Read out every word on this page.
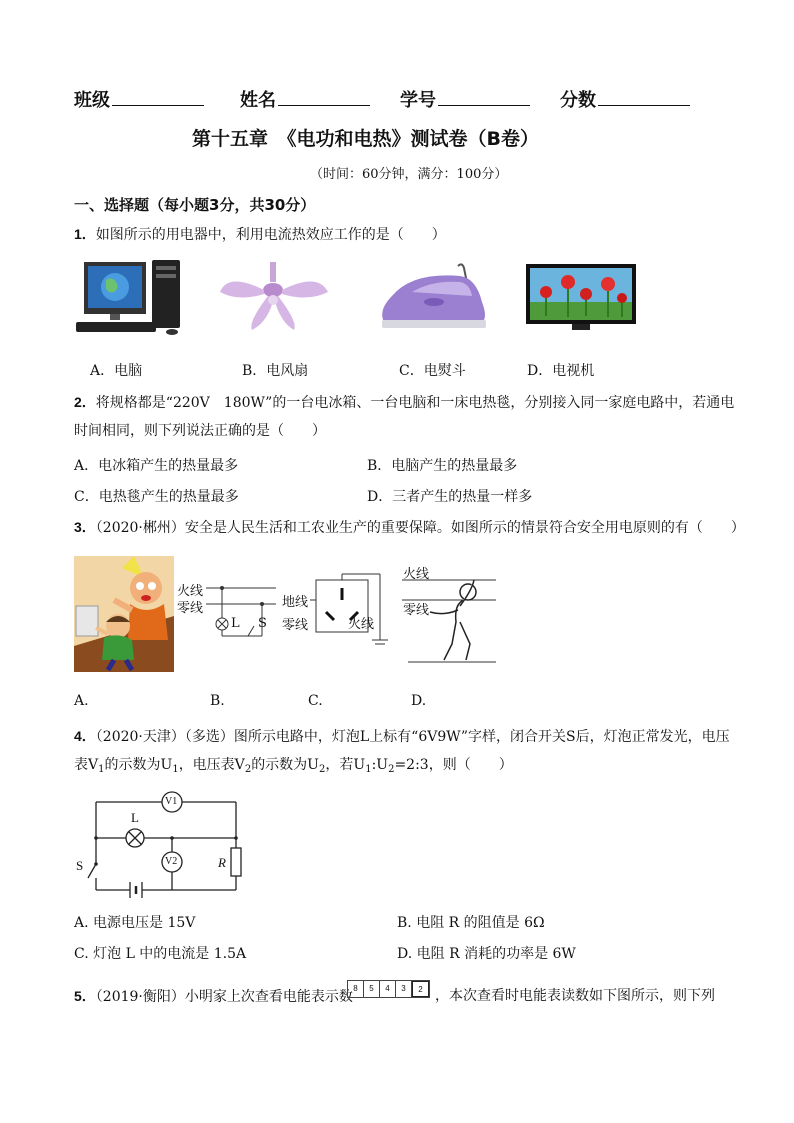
班级	姓名	学号	分数
第十五章　《电功和电热》测试卷（B卷）
（时间：60分钟，满分：100分）
一、选择题（每小题3分，共30分）
1．如图所示的用电器中，利用电流热效应工作的是（　　）
A．电脑	B．电风扇	C．电熨斗	D．电视机
2．将规格都是“220V　180W”的一台电冰箱、一台电脑和一床电热毯，分别接入同一家庭电路中，若通电
时间相同，则下列说法正确的是（　　）
A．电冰箱产生的热量最多	B．电脑产生的热量最多
C．电热毯产生的热量最多	D．三者产生的热量一样多
3．（2020·郴州）安全是人民生活和工农业生产的重要保障。如图所示的情景符合安全用电原则的有（　　）
火线
零线
L S
地线
零线	火线
火线
零线
A.	B.	C.	D.
4．（2020·天津）（多选）图所示电路中，灯泡L上标有“6V9W”字样，闭合开关S后，灯泡正常发光，电压
表$V_1$的示数为$U_1$，电压表$V_2$的示数为$U_2$，若$U_1:U_2=2:3$，则（　　）
V1
V2
L
S	R
A. 电源电压是 15V	B. 电阻 R 的阻值是 6Ω
C. 灯泡 L 中的电流是 1.5A	D. 电阻 R 消耗的功率是 6W
5．（2019·衡阳）小明家上次查看电能表示数
8	5	4	3	2 ，本次查看时电能表读数如下图所示，则下列
